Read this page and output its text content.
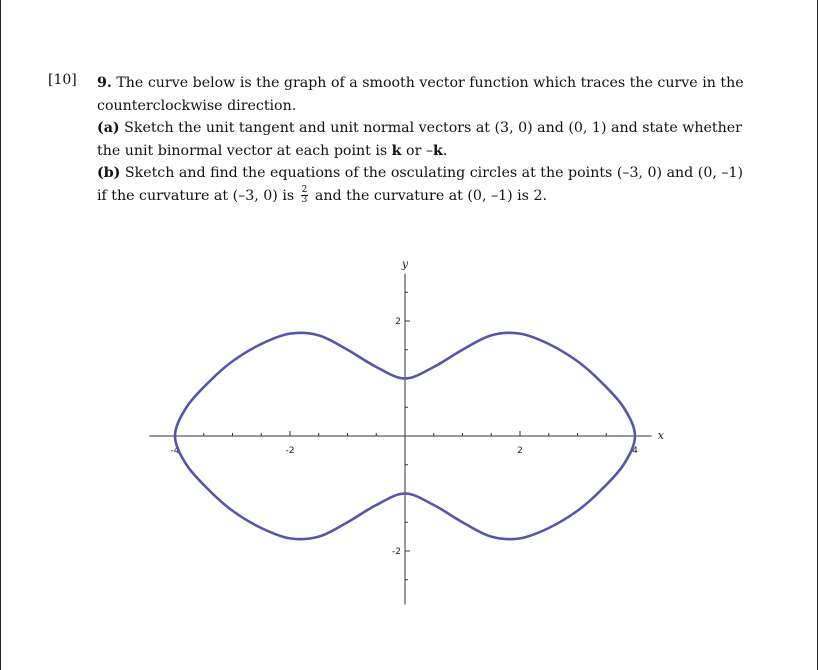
[10] 9. The curve below is the graph of a smooth vector function which traces the curve in the

counterclockwise direction.

(a) Sketch the unit tangent and unit normal vectors at (3, 0) and (0, 1) and state whether

the unit binormal vector at each point is k or –k.

(b) Sketch and find the equations of the osculating circles at the points (–3, 0) and (0, –1)

if the curvature at (–3, 0) is $\frac{2}{3}$ and the curvature at (0, –1) is 2.

-4	-2	2	4
-2
2
x
y
